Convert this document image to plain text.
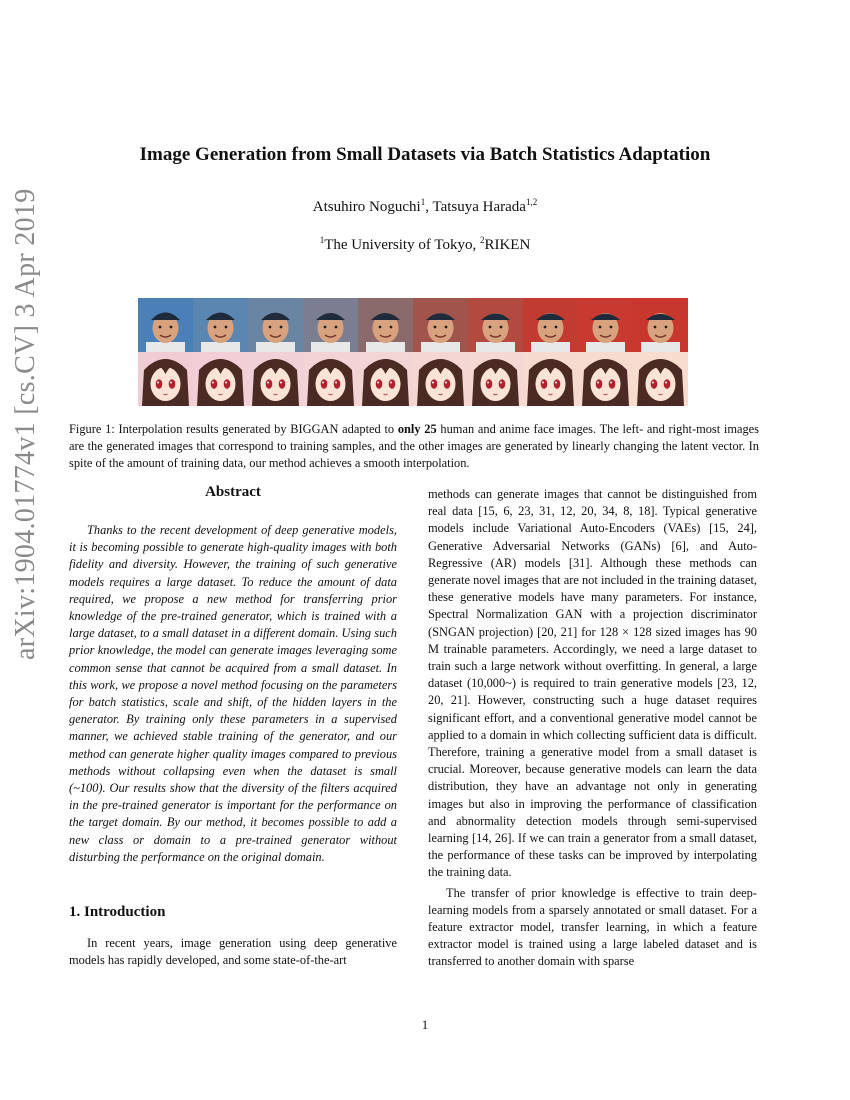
arXiv:1904.01774v1 [cs.CV] 3 Apr 2019
Image Generation from Small Datasets via Batch Statistics Adaptation
Atsuhiro Noguchi$^1$, Tatsuya Harada$^{1,2}$
$^1$The University of Tokyo, $^2$RIKEN
Figure 1: Interpolation results generated by BIGGAN adapted to only 25 human and anime face images. The left- and right-most images are the generated images that correspond to training samples, and the other images are generated by linearly changing the latent vector. In spite of the amount of training data, our method achieves a smooth interpolation.
Abstract

Thanks to the recent development of deep generative models, it is becoming possible to generate high-quality images with both fidelity and diversity. However, the training of such generative models requires a large dataset. To reduce the amount of data required, we propose a new method for transferring prior knowledge of the pre-trained generator, which is trained with a large dataset, to a small dataset in a different domain. Using such prior knowledge, the model can generate images leveraging some common sense that cannot be acquired from a small dataset. In this work, we propose a novel method focusing on the parameters for batch statistics, scale and shift, of the hidden layers in the generator. By training only these parameters in a supervised manner, we achieved stable training of the generator, and our method can generate higher quality images compared to previous methods without collapsing even when the dataset is small (~100). Our results show that the diversity of the filters acquired in the pre-trained generator is important for the performance on the target domain. By our method, it becomes possible to add a new class or domain to a pre-trained generator without disturbing the performance on the original domain.

1. Introduction

In recent years, image generation using deep generative models has rapidly developed, and some state-of-the-art

methods can generate images that cannot be distinguished from real data [15, 6, 23, 31, 12, 20, 34, 8, 18]. Typical generative models include Variational Auto-Encoders (VAEs) [15, 24], Generative Adversarial Networks (GANs) [6], and Auto-Regressive (AR) models [31]. Although these methods can generate novel images that are not included in the training dataset, these generative models have many parameters. For instance, Spectral Normalization GAN with a projection discriminator (SNGAN projection) [20, 21] for 128 × 128 sized images has 90 M trainable parameters. Accordingly, we need a large dataset to train such a large network without overfitting. In general, a large dataset (10,000~) is required to train generative models [23, 12, 20, 21]. However, constructing such a huge dataset requires significant effort, and a conventional generative model cannot be applied to a domain in which collecting sufficient data is difficult. Therefore, training a generative model from a small dataset is crucial. Moreover, because generative models can learn the data distribution, they have an advantage not only in generating images but also in improving the performance of classification and abnormality detection models through semi-supervised learning [14, 26]. If we can train a generator from a small dataset, the performance of these tasks can be improved by interpolating the training data.

The transfer of prior knowledge is effective to train deep-learning models from a sparsely annotated or small dataset. For a feature extractor model, transfer learning, in which a feature extractor model is trained using a large labeled dataset and is transferred to another domain with sparse

1
